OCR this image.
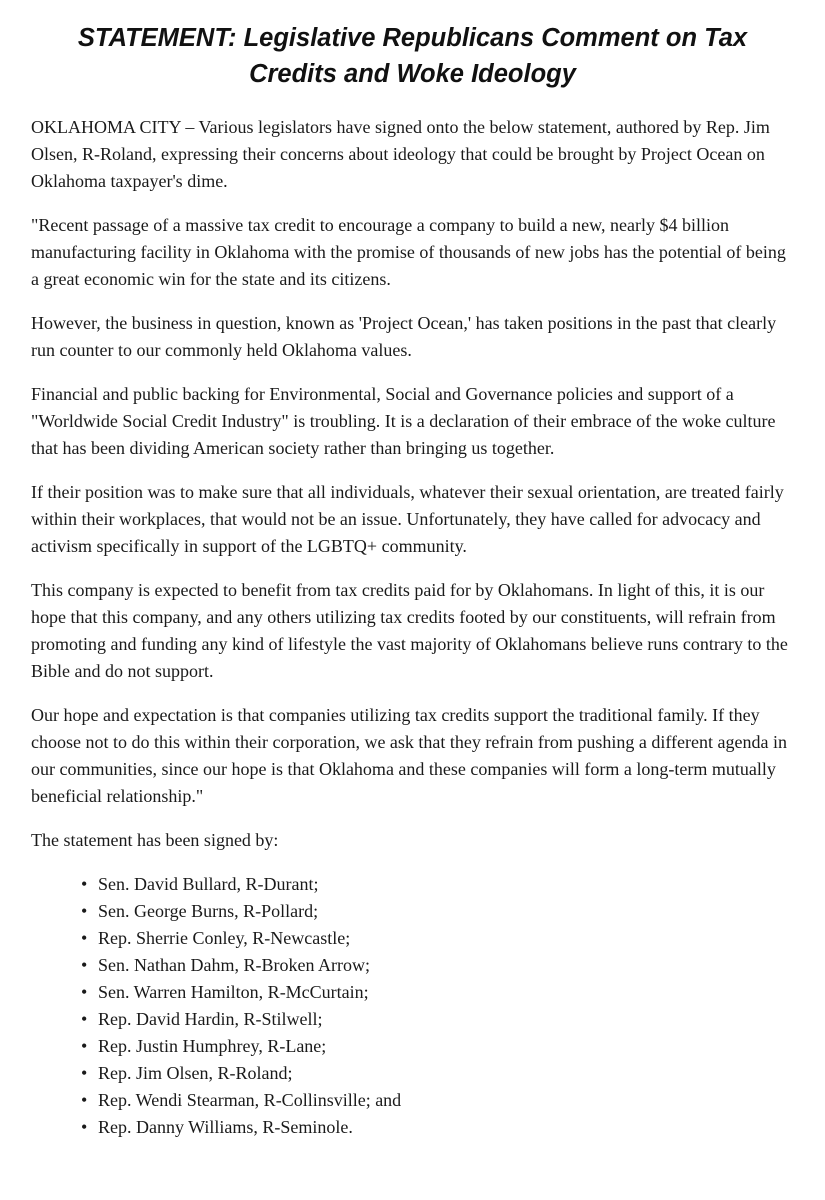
STATEMENT: Legislative Republicans Comment on Tax Credits and Woke Ideology

OKLAHOMA CITY – Various legislators have signed onto the below statement, authored by Rep. Jim Olsen, R-Roland, expressing their concerns about ideology that could be brought by Project Ocean on Oklahoma taxpayer's dime.

"Recent passage of a massive tax credit to encourage a company to build a new, nearly $4 billion manufacturing facility in Oklahoma with the promise of thousands of new jobs has the potential of being a great economic win for the state and its citizens.

However, the business in question, known as 'Project Ocean,' has taken positions in the past that clearly run counter to our commonly held Oklahoma values.

Financial and public backing for Environmental, Social and Governance policies and support of a "Worldwide Social Credit Industry" is troubling. It is a declaration of their embrace of the woke culture that has been dividing American society rather than bringing us together.

If their position was to make sure that all individuals, whatever their sexual orientation, are treated fairly within their workplaces, that would not be an issue. Unfortunately, they have called for advocacy and activism specifically in support of the LGBTQ+ community.

This company is expected to benefit from tax credits paid for by Oklahomans. In light of this, it is our hope that this company, and any others utilizing tax credits footed by our constituents, will refrain from promoting and funding any kind of lifestyle the vast majority of Oklahomans believe runs contrary to the Bible and do not support.

Our hope and expectation is that companies utilizing tax credits support the traditional family. If they choose not to do this within their corporation, we ask that they refrain from pushing a different agenda in our communities, since our hope is that Oklahoma and these companies will form a long-term mutually beneficial relationship."

The statement has been signed by:

• Sen. David Bullard, R-Durant;
• Sen. George Burns, R-Pollard;
• Rep. Sherrie Conley, R-Newcastle;
• Sen. Nathan Dahm, R-Broken Arrow;
• Sen. Warren Hamilton, R-McCurtain;
• Rep. David Hardin, R-Stilwell;
• Rep. Justin Humphrey, R-Lane;
• Rep. Jim Olsen, R-Roland;
• Rep. Wendi Stearman, R-Collinsville; and
• Rep. Danny Williams, R-Seminole.
